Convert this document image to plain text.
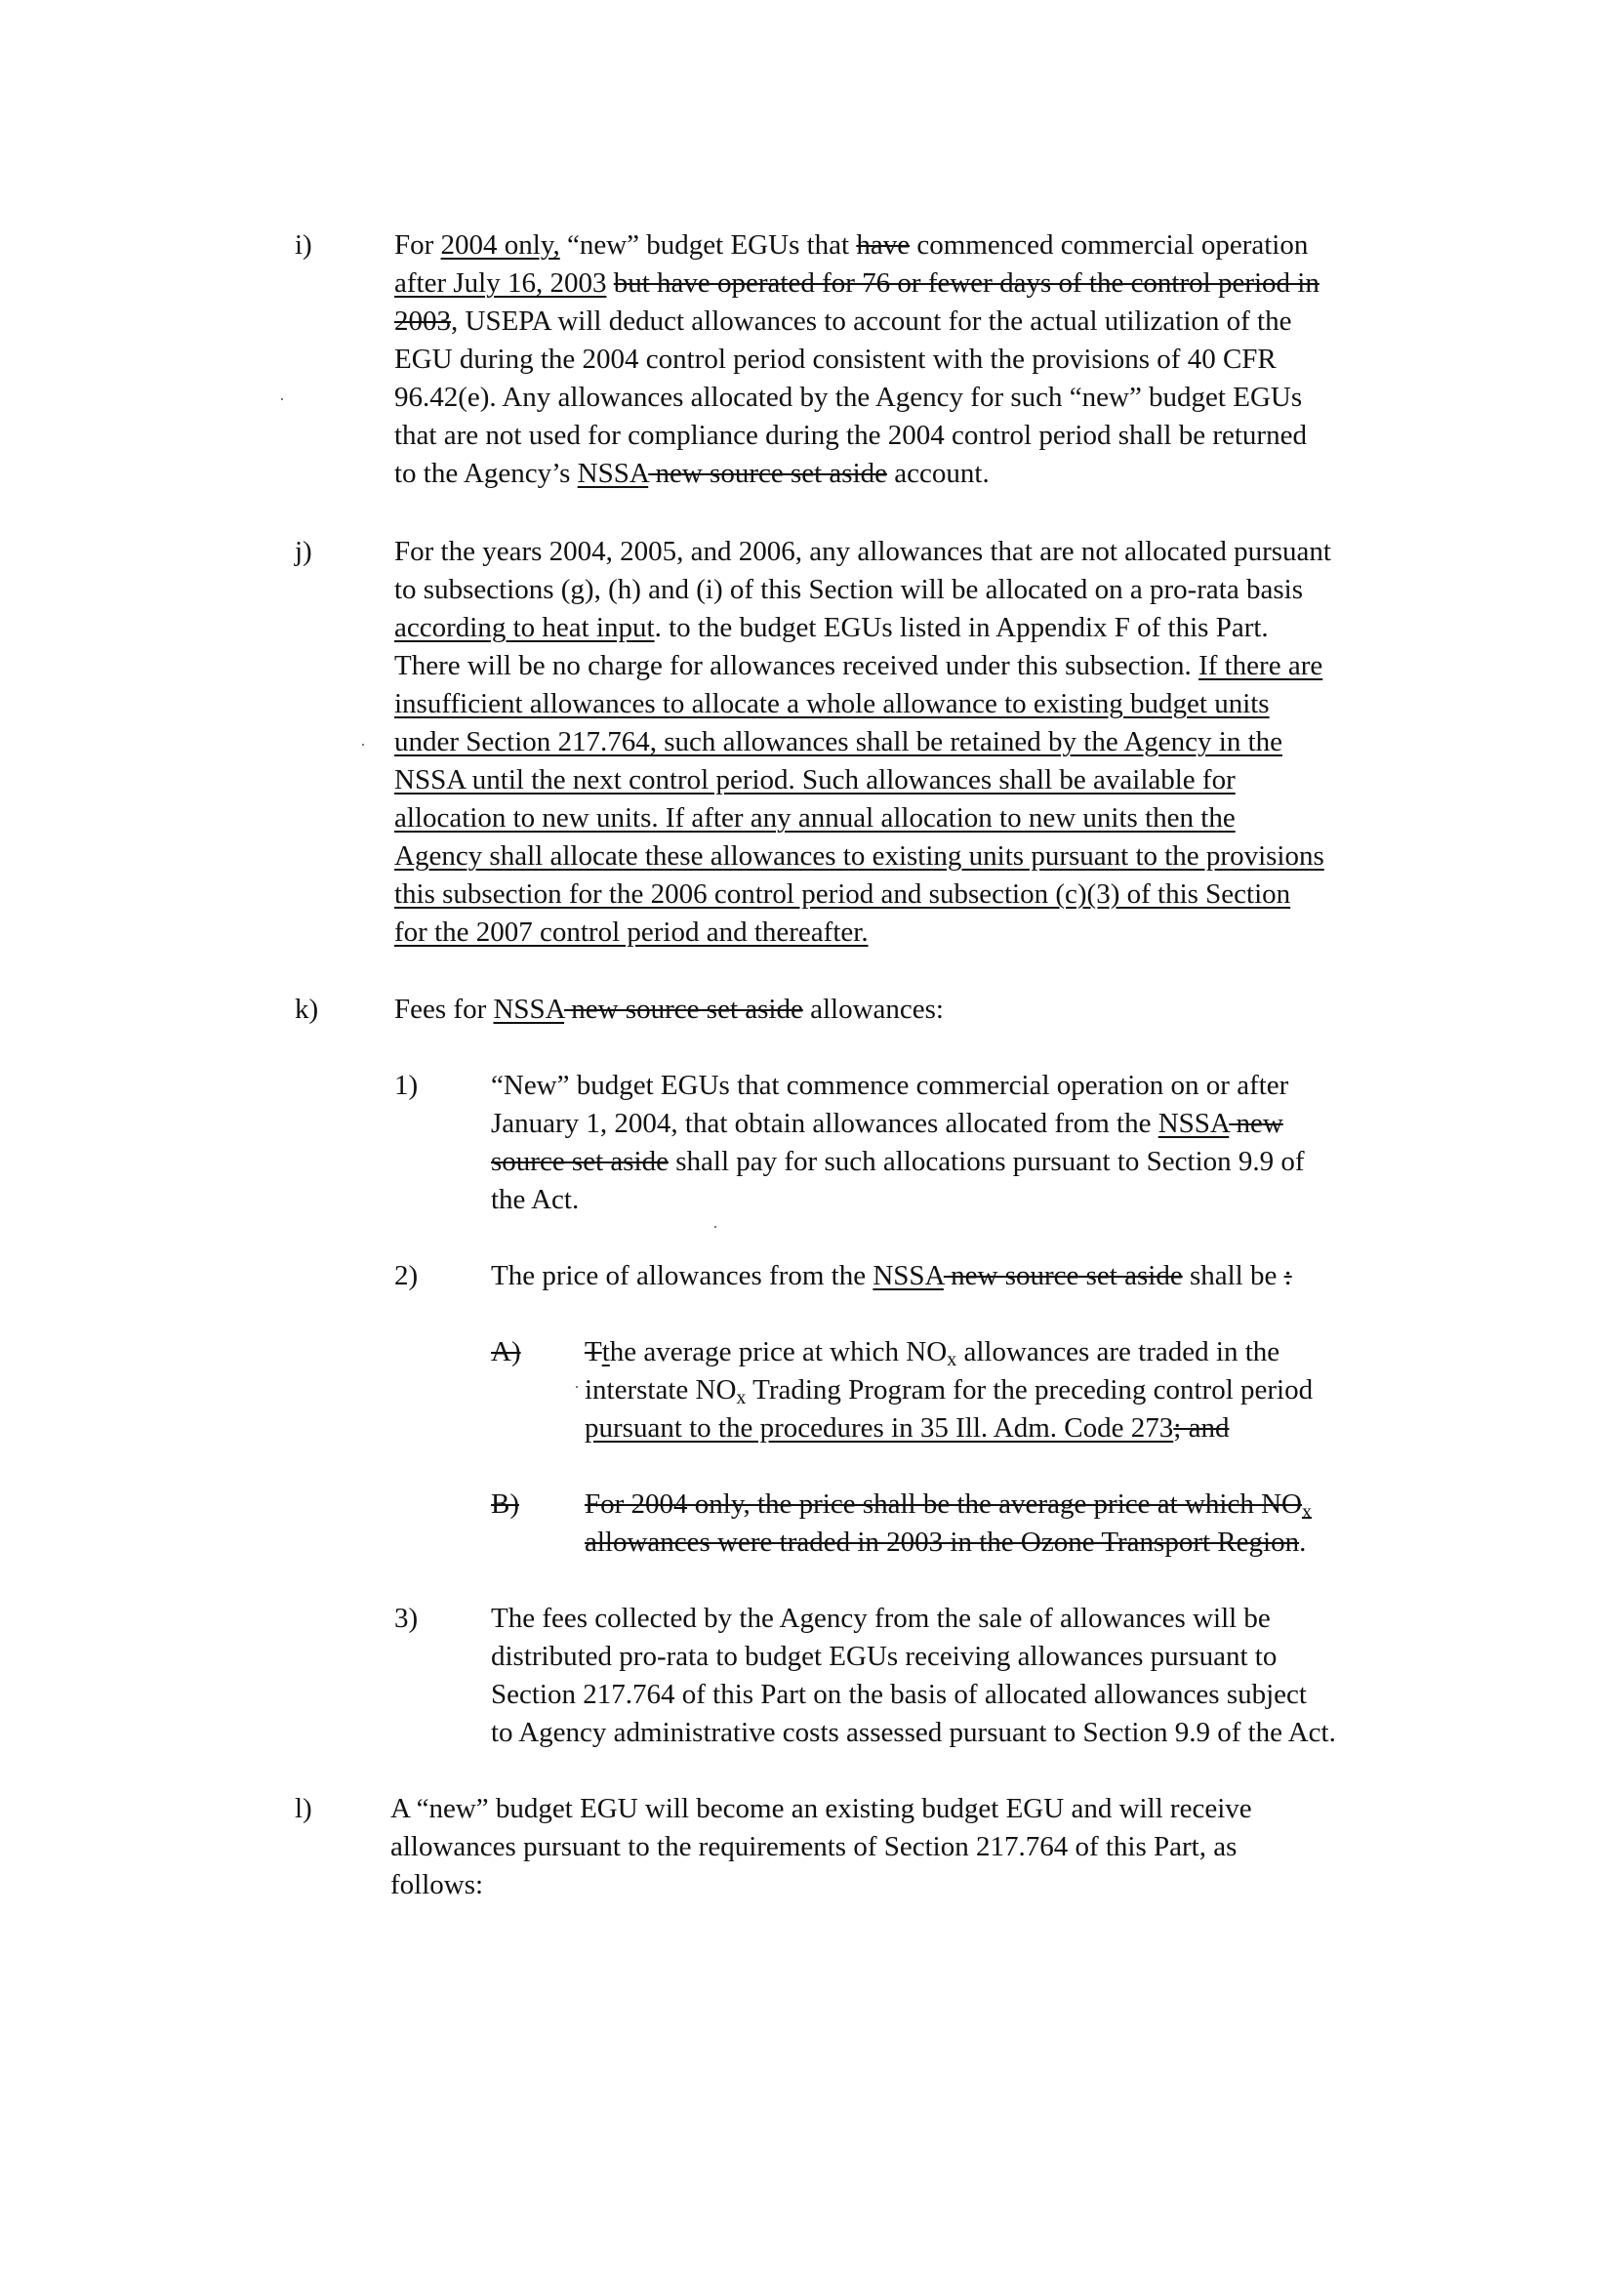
i)	For 2004 only, “new” budget EGUs that have commenced commercial operation
after July 16, 2003 but have operated for 76 or fewer days of the control period in
2003, USEPA will deduct allowances to account for the actual utilization of the
EGU during the 2004 control period consistent with the provisions of 40 CFR
96.42(e). Any allowances allocated by the Agency for such “new” budget EGUs
that are not used for compliance during the 2004 control period shall be returned
to the Agency’s NSSA new source set aside account.
j)	For the years 2004, 2005, and 2006, any allowances that are not allocated pursuant
to subsections (g), (h) and (i) of this Section will be allocated on a pro-rata basis
according to heat input. to the budget EGUs listed in Appendix F of this Part.
There will be no charge for allowances received under this subsection. If there are
insufficient allowances to allocate a whole allowance to existing budget units
under Section 217.764, such allowances shall be retained by the Agency in the
NSSA until the next control period. Such allowances shall be available for
allocation to new units. If after any annual allocation to new units then the
Agency shall allocate these allowances to existing units pursuant to the provisions
this subsection for the 2006 control period and subsection (c)(3) of this Section
for the 2007 control period and thereafter.
k)	Fees for NSSA new source set aside allowances:
1)	“New” budget EGUs that commence commercial operation on or after
January 1, 2004, that obtain allowances allocated from the NSSA new
source set aside shall pay for such allocations pursuant to Section 9.9 of
the Act.
2)	The price of allowances from the NSSA new source set aside shall be :
A)	Tthe average price at which $NO_x$ allowances are traded in the
interstate $NO_x$ Trading Program for the preceding control period
pursuant to the procedures in 35 Ill. Adm. Code 273; and
B)	For 2004 only, the price shall be the average price at which $NO_x$
allowances were traded in 2003 in the Ozone Transport Region.
3)	The fees collected by the Agency from the sale of allowances will be
distributed pro-rata to budget EGUs receiving allowances pursuant to
Section 217.764 of this Part on the basis of allocated allowances subject
to Agency administrative costs assessed pursuant to Section 9.9 of the Act.
l)	A “new” budget EGU will become an existing budget EGU and will receive
allowances pursuant to the requirements of Section 217.764 of this Part, as
follows:
